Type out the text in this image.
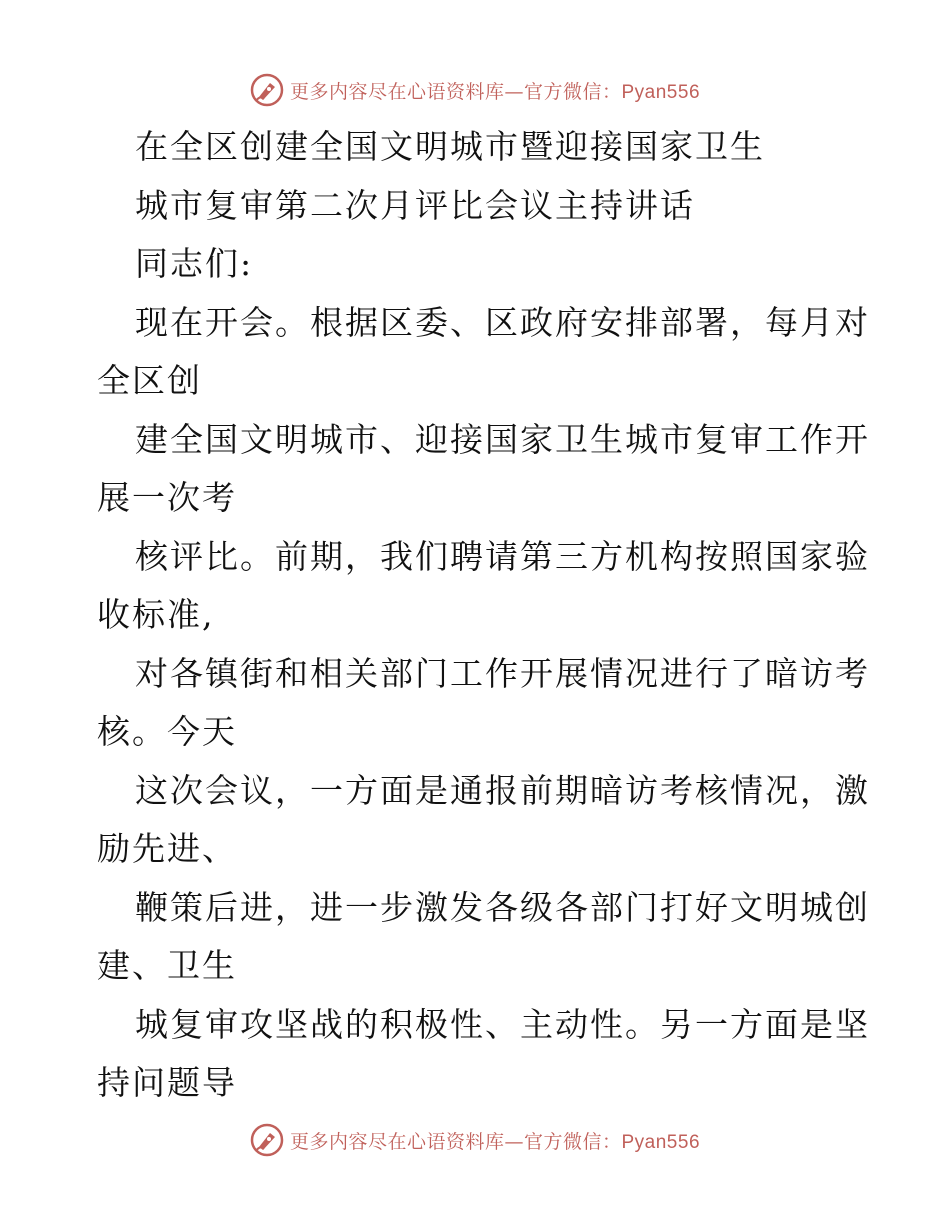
更多内容尽在心语资料库—官方微信：Pyan556
在全区创建全国文明城市暨迎接国家卫生
城市复审第二次月评比会议主持讲话
同志们:
现在开会。根据区委、区政府安排部署，每月对
全区创
建全国文明城市、迎接国家卫生城市复审工作开
展一次考
核评比。前期，我们聘请第三方机构按照国家验
收标准,
对各镇街和相关部门工作开展情况进行了暗访考
核。今天
这次会议，一方面是通报前期暗访考核情况，激
励先进、
鞭策后进，进一步激发各级各部门打好文明城创
建、卫生
城复审攻坚战的积极性、主动性。另一方面是坚
持问题导
更多内容尽在心语资料库—官方微信：Pyan556
